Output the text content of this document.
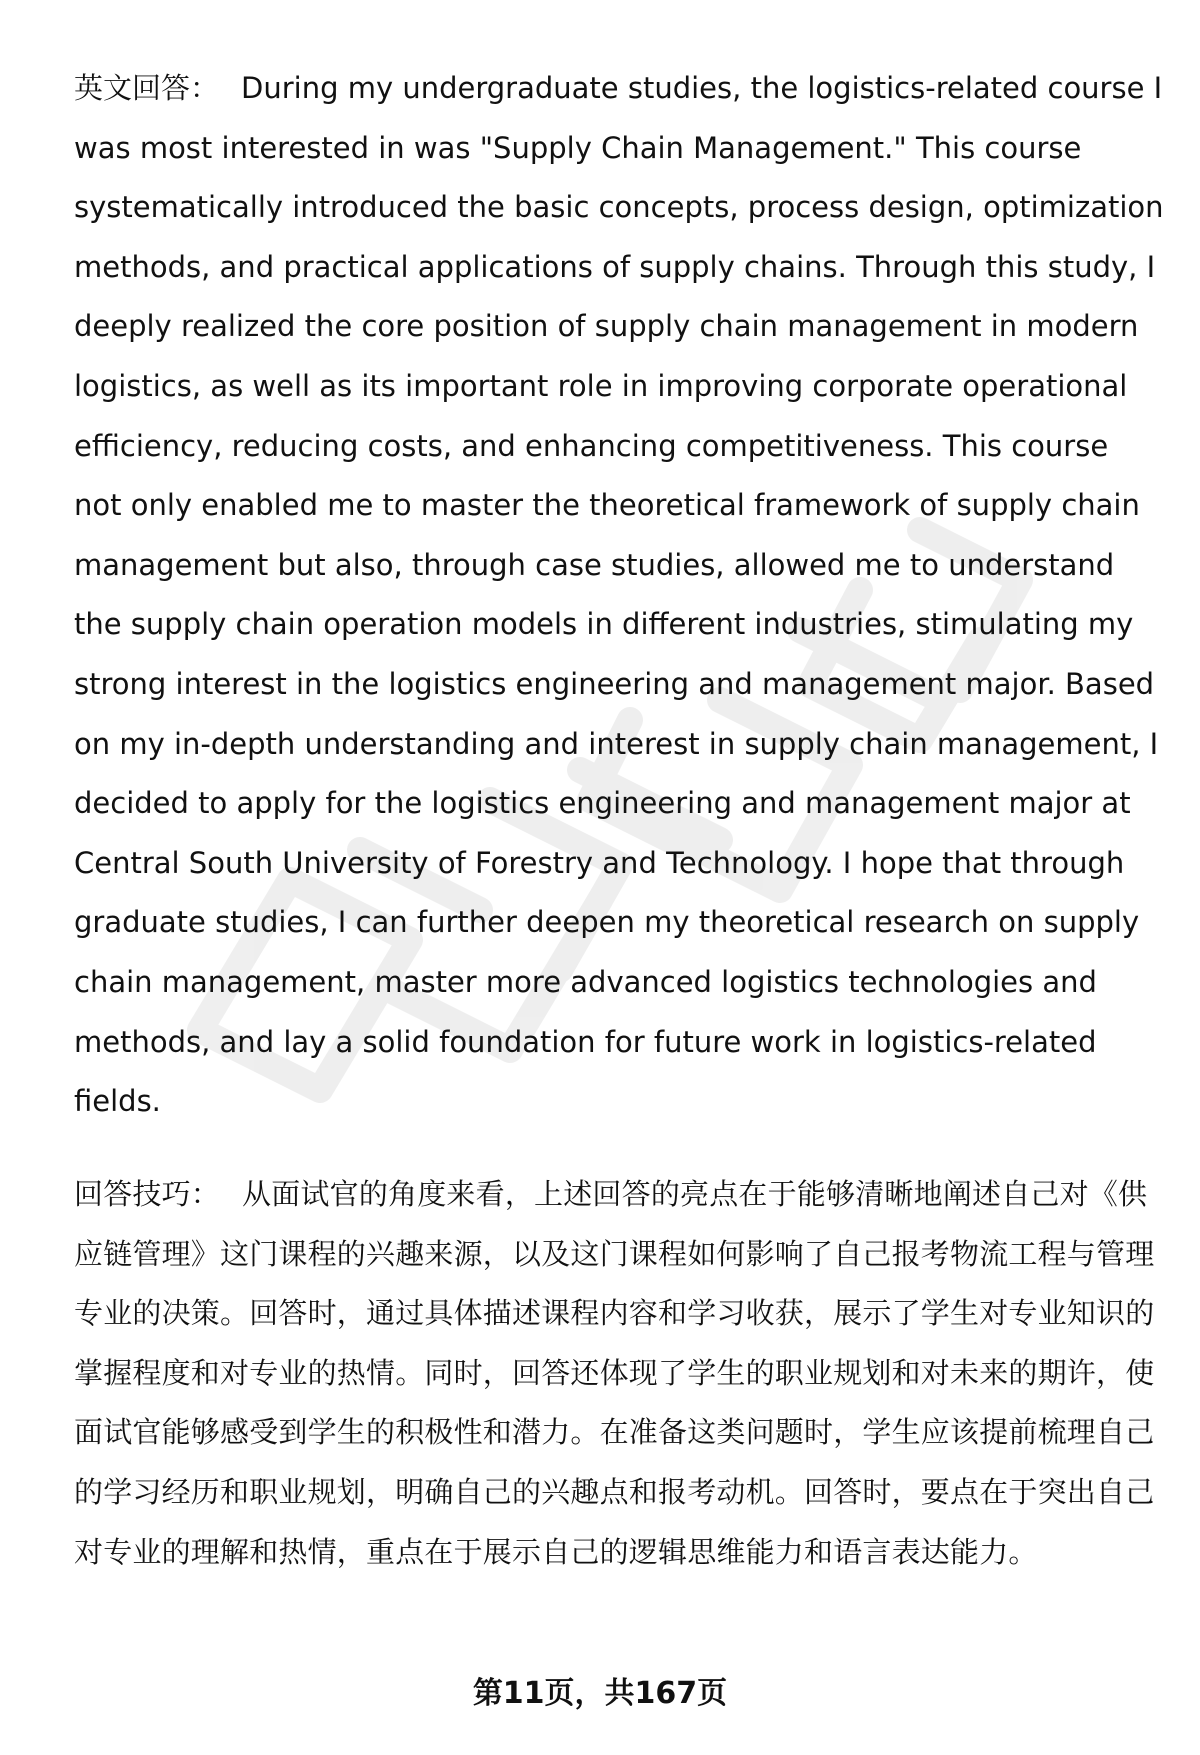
英文回答： During my undergraduate studies, the logistics-related course I was most interested in was "Supply Chain Management." This course systematically introduced the basic concepts, process design, optimization methods, and practical applications of supply chains. Through this study, I deeply realized the core position of supply chain management in modern logistics, as well as its important role in improving corporate operational efficiency, reducing costs, and enhancing competitiveness. This course not only enabled me to master the theoretical framework of supply chain management but also, through case studies, allowed me to understand the supply chain operation models in different industries, stimulating my strong interest in the logistics engineering and management major. Based on my in-depth understanding and interest in supply chain management, I decided to apply for the logistics engineering and management major at Central South University of Forestry and Technology. I hope that through graduate studies, I can further deepen my theoretical research on supply chain management, master more advanced logistics technologies and methods, and lay a solid foundation for future work in logistics-related fields.

回答技巧： 从面试官的角度来看，上述回答的亮点在于能够清晰地阐述自己对《供应链管理》这门课程的兴趣来源，以及这门课程如何影响了自己报考物流工程与管理专业的决策。回答时，通过具体描述课程内容和学习收获，展示了学生对专业知识的掌握程度和对专业的热情。同时，回答还体现了学生的职业规划和对未来的期许，使面试官能够感受到学生的积极性和潜力。在准备这类问题时，学生应该提前梳理自己的学习经历和职业规划，明确自己的兴趣点和报考动机。回答时，要点在于突出自己对专业的理解和热情，重点在于展示自己的逻辑思维能力和语言表达能力。

第11页，共167页
